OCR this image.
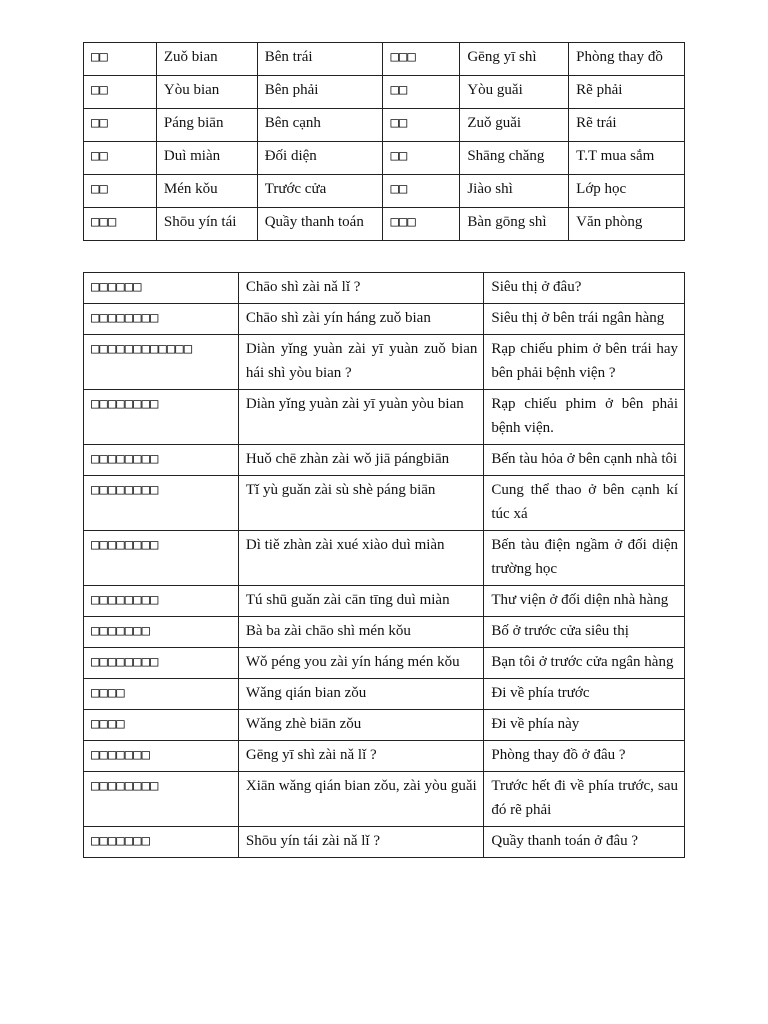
□□	Zuǒ bian	Bên trái	□□□	Gēng yī shì	Phòng thay đồ
□□	Yòu bian	Bên phải	□□	Yòu guǎi	Rẽ phải
□□	Páng biān	Bên cạnh	□□	Zuǒ guǎi	Rẽ trái
□□	Duì miàn	Đối diện	□□	Shāng chǎng	T.T mua sắm
□□	Mén kǒu	Trước cửa	□□	Jiào shì	Lớp học
□□□	Shōu yín tái	Quầy thanh toán	□□□	Bàn gōng shì	Văn phòng
□□□□□□	Chāo shì zài nǎ lǐ ?	Siêu thị ở đâu?
□□□□□□□□	Chāo shì zài yín háng zuǒ bian	Siêu thị ở bên trái ngân hàng
□□□□□□□□□□□□	Diàn yǐng yuàn zài yī yuàn zuǒ bian hái shì yòu bian ?	Rạp chiếu phim ở bên trái hay bên phải bệnh viện ?
□□□□□□□□	Diàn yǐng yuàn zài yī yuàn yòu bian	Rạp chiếu phim ở bên phải bệnh viện.
□□□□□□□□	Huǒ chē zhàn zài wǒ jiā pángbiān	Bến tàu hỏa ở bên cạnh nhà tôi
□□□□□□□□	Tǐ yù guǎn zài sù shè páng biān	Cung thể thao ở bên cạnh kí túc xá
□□□□□□□□	Dì tiě zhàn zài xué xiào duì miàn	Bến tàu điện ngầm ở đối diện trường học
□□□□□□□□	Tú shū guǎn zài cān tīng duì miàn	Thư viện ở đối diện nhà hàng
□□□□□□□	Bà ba zài chāo shì mén kǒu	Bố ở trước cửa siêu thị
□□□□□□□□	Wǒ péng you zài yín háng mén kǒu	Bạn tôi ở trước cửa ngân hàng
□□□□	Wǎng qián bian zǒu	Đi về phía trước
□□□□	Wǎng zhè biān zǒu	Đi về phía này
□□□□□□□	Gēng yī shì zài nǎ lǐ ?	Phòng thay đồ ở đâu ?
□□□□□□□□	Xiān wǎng qián bian zǒu, zài yòu guǎi	Trước hết đi về phía trước, sau đó rẽ phải
□□□□□□□	Shōu yín tái zài nǎ lǐ ?	Quầy thanh toán ở đâu ?
